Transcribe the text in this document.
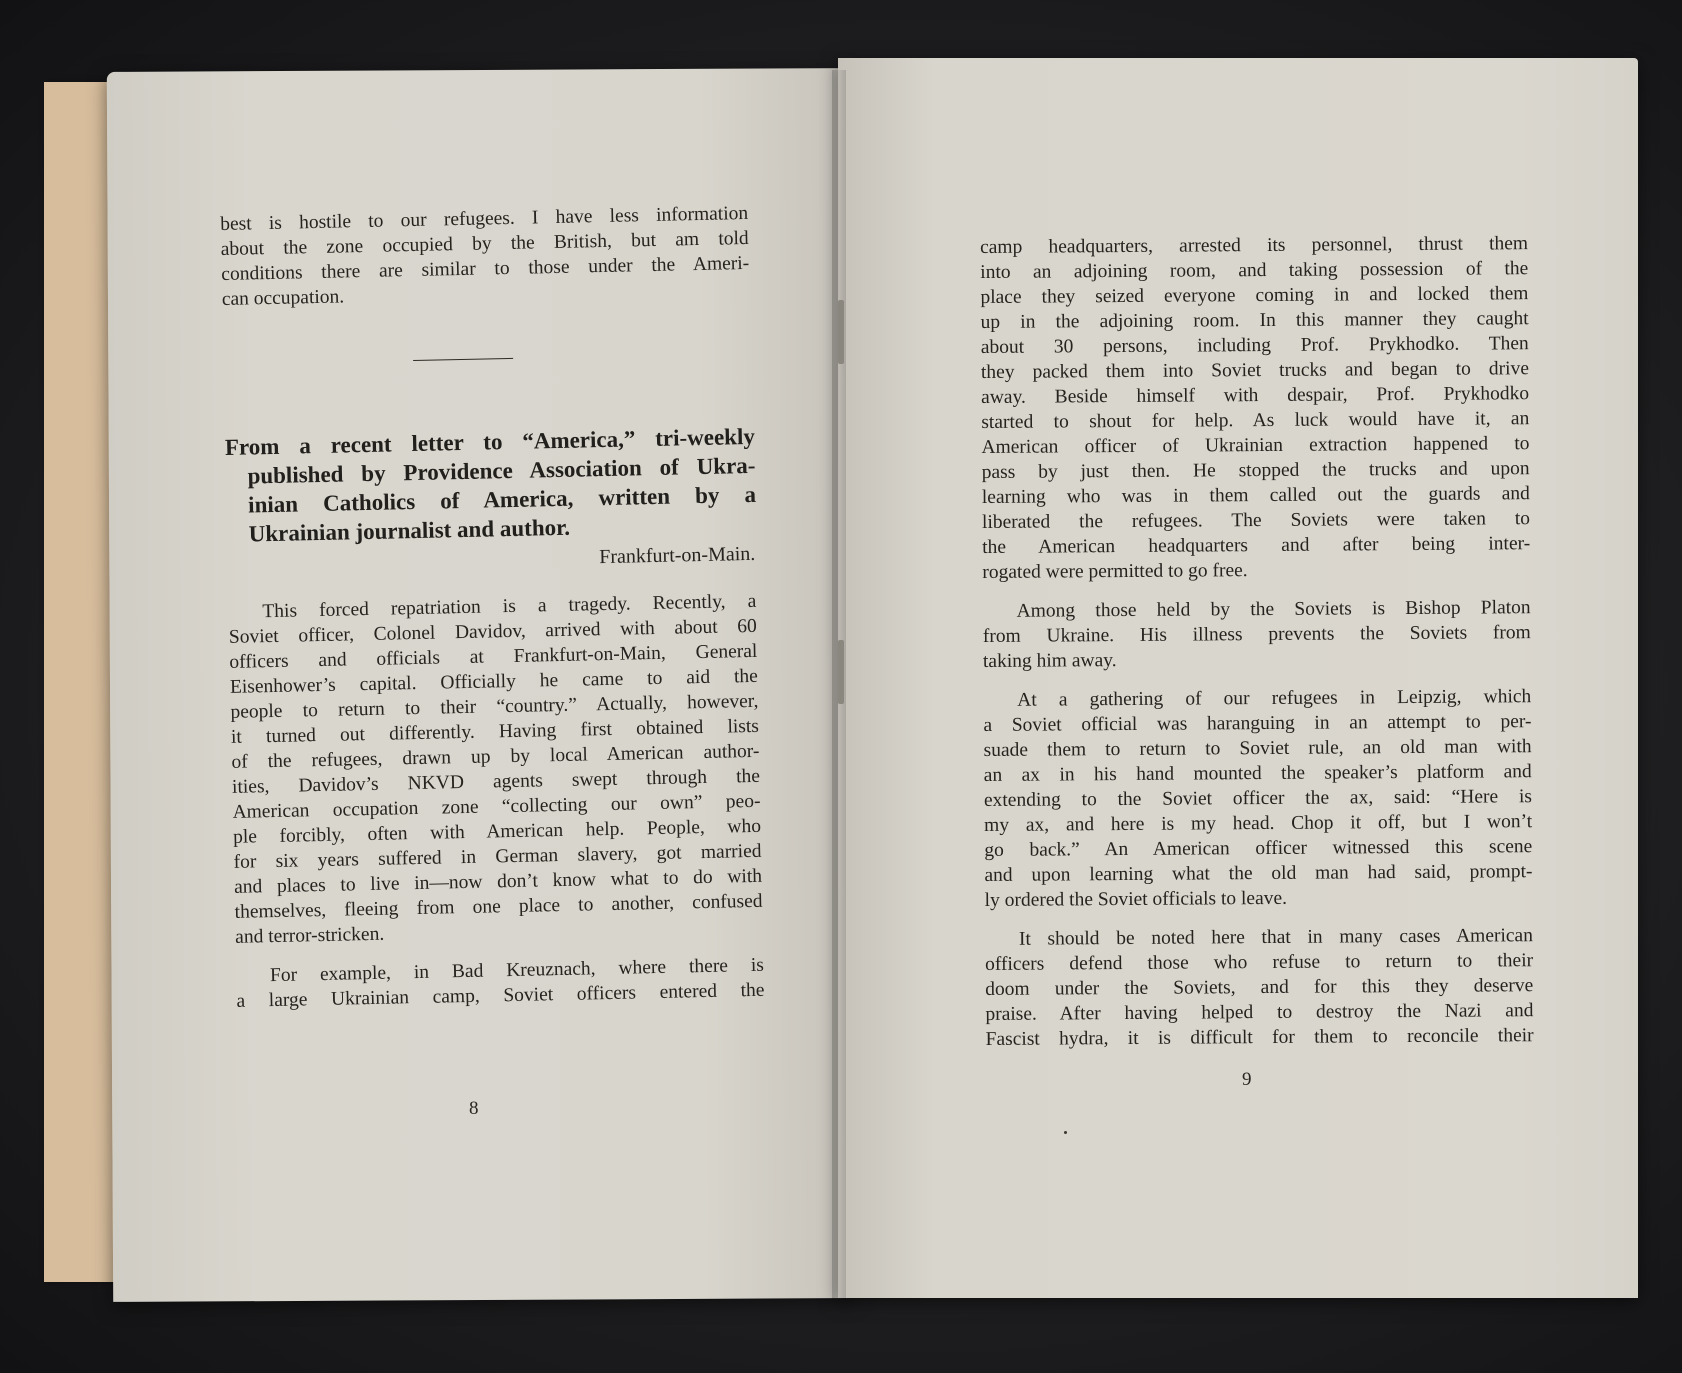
best is hostile to our refugees. I have less information
about the zone occupied by the British, but am told
conditions there are similar to those under the Ameri-
can occupation.
From a recent letter to “America,” tri-weekly
published by Providence Association of Ukra-
inian Catholics of America, written by a
Ukrainian journalist and author.
Frankfurt-on-Main.
This forced repatriation is a tragedy. Recently, a
Soviet officer, Colonel Davidov, arrived with about 60
officers and officials at Frankfurt-on-Main, General
Eisenhower’s capital. Officially he came to aid the
people to return to their “country.” Actually, however,
it turned out differently. Having first obtained lists
of the refugees, drawn up by local American author-
ities, Davidov’s NKVD agents swept through the
American occupation zone “collecting our own” peo-
ple forcibly, often with American help. People, who
for six years suffered in German slavery, got married
and places to live in—now don’t know what to do with
themselves, fleeing from one place to another, confused
and terror-stricken.
For example, in Bad Kreuznach, where there is
a large Ukrainian camp, Soviet officers entered the
8
camp headquarters, arrested its personnel, thrust them
into an adjoining room, and taking possession of the
place they seized everyone coming in and locked them
up in the adjoining room. In this manner they caught
about 30 persons, including Prof. Prykhodko. Then
they packed them into Soviet trucks and began to drive
away. Beside himself with despair, Prof. Prykhodko
started to shout for help. As luck would have it, an
American officer of Ukrainian extraction happened to
pass by just then. He stopped the trucks and upon
learning who was in them called out the guards and
liberated the refugees. The Soviets were taken to
the American headquarters and after being inter-
rogated were permitted to go free.
Among those held by the Soviets is Bishop Platon
from Ukraine. His illness prevents the Soviets from
taking him away.
At a gathering of our refugees in Leipzig, which
a Soviet official was haranguing in an attempt to per-
suade them to return to Soviet rule, an old man with
an ax in his hand mounted the speaker’s platform and
extending to the Soviet officer the ax, said: “Here is
my ax, and here is my head. Chop it off, but I won’t
go back.” An American officer witnessed this scene
and upon learning what the old man had said, prompt-
ly ordered the Soviet officials to leave.
It should be noted here that in many cases American
officers defend those who refuse to return to their
doom under the Soviets, and for this they deserve
praise. After having helped to destroy the Nazi and
Fascist hydra, it is difficult for them to reconcile their
9
